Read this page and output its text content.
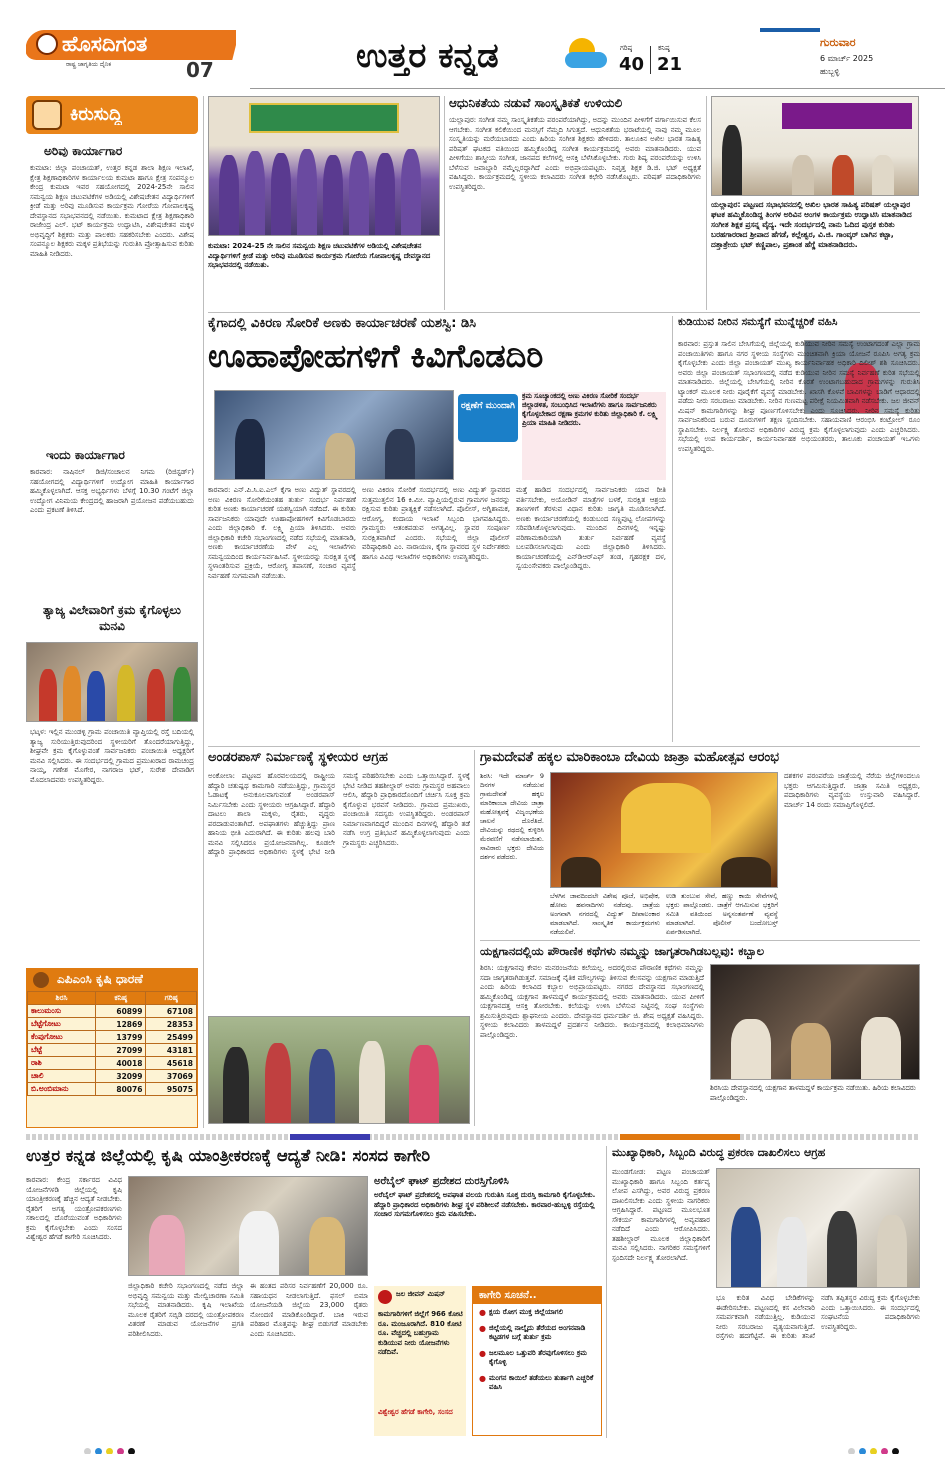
ಹೊಸದಿಗಂತ
ರಾಷ್ಟ್ರ ಜಾಗೃತಿಯ ದೈನಿಕ	07	ಉತ್ತರ ಕನ್ನಡ	ಗರಿಷ್ಠ
40
ಕನಿಷ್ಠ
21
ಗುರುವಾರ
6 ಮಾರ್ಚ್ 2025
ಹುಬ್ಬಳ್ಳಿ
ಕಿರುಸುದ್ದಿ
ಅರಿವು ಕಾರ್ಯಾಗಾರ
ಕುಮಟಾ: ಜಿಲ್ಲಾ ಪಂಚಾಯತ್, ಉತ್ತರ ಕನ್ನಡ ಶಾಲಾ ಶಿಕ್ಷಣ ಇಲಾಖೆ, ಕ್ಷೇತ್ರ ಶಿಕ್ಷಣಾಧಿಕಾರಿಗಳ ಕಾರ್ಯಾಲಯ ಕುಮಟಾ ಹಾಗೂ ಕ್ಷೇತ್ರ ಸಂಪನ್ಮೂಲ ಕೇಂದ್ರ ಕುಮಟಾ ಇವರ ಸಹಯೋಗದಲ್ಲಿ 2024-25ನೇ ಸಾಲಿನ ಸಮನ್ವಯ ಶಿಕ್ಷಣ ಚಟುವಟಿಕೆಗಳ ಅಡಿಯಲ್ಲಿ ವಿಶೇಷಚೇತನ ವಿದ್ಯಾರ್ಥಿಗಳಿಗೆ ಕ್ರೀಡೆ ಮತ್ತು ಅರಿವು ಮೂಡಿಸುವ ಕಾರ್ಯಕ್ರಮ ಗೋರೆಯ ಗೋಪಾಲಕೃಷ್ಣ ದೇವಸ್ಥಾನದ ಸಭಾಭವನದಲ್ಲಿ ನಡೆಯಿತು. ಕುಮಟಾದ ಕ್ಷೇತ್ರ ಶಿಕ್ಷಣಾಧಿಕಾರಿ ರಾಜೇಂದ್ರ ಎಲ್. ಭಟ್ ಕಾರ್ಯಕ್ರಮ ಉದ್ಘಾಟಿಸಿ, ವಿಶೇಷಚೇತನ ಮಕ್ಕಳ ಅಭಿವೃದ್ಧಿಗೆ ಶಿಕ್ಷಕರು ಮತ್ತು ಪಾಲಕರು ಸಹಕರಿಸಬೇಕು ಎಂದರು. ವಿಶೇಷ ಸಂಪನ್ಮೂಲ ಶಿಕ್ಷಕರು ಮಕ್ಕಳ ಪ್ರತಿಭೆಯನ್ನು ಗುರುತಿಸಿ ಪ್ರೋತ್ಸಾಹಿಸುವ ಕುರಿತು ಮಾಹಿತಿ ನೀಡಿದರು.
ಇಂದು ಕಾರ್ಯಾಗಾರ
ಕಾರವಾರ: ನಾಷಿನಲ್ ಡಿಜಿ/ಸಂಚಾಲನ ನಿಗಮ (ರಿಜಿಸ್ಟರ್ಡ್) ಸಹಯೋಗದಲ್ಲಿ ವಿದ್ಯಾರ್ಥಿಗಳಿಗೆ ಉದ್ಯೋಗ ಮಾಹಿತಿ ಕಾರ್ಯಾಗಾರ ಹಮ್ಮಿಕೊಳ್ಳಲಾಗಿದೆ. ಆಸಕ್ತ ಅಭ್ಯರ್ಥಿಗಳು ಬೆಳಗ್ಗೆ 10.30 ಗಂಟೆಗೆ ಜಿಲ್ಲಾ ಉದ್ಯೋಗ ವಿನಿಮಯ ಕೇಂದ್ರದಲ್ಲಿ ಹಾಜರಾಗಿ ಪ್ರಯೋಜನ ಪಡೆಯಬಹುದು ಎಂದು ಪ್ರಕಟಣೆ ತಿಳಿಸಿದೆ.
ತ್ಯಾಜ್ಯ ವಿಲೇವಾರಿಗೆ ಕ್ರಮ ಕೈಗೊಳ್ಳಲು ಮನವಿ
ಭಟ್ಕಳ: ಇಲ್ಲಿನ ಮುಂಡಳ್ಳಿ ಗ್ರಾಮ ಪಂಚಾಯಿತಿ ವ್ಯಾಪ್ತಿಯಲ್ಲಿ ರಸ್ತೆ ಬದಿಯಲ್ಲಿ ತ್ಯಾಜ್ಯ ಸುರಿಯುತ್ತಿರುವುದರಿಂದ ಸ್ಥಳೀಯರಿಗೆ ತೊಂದರೆಯಾಗುತ್ತಿದ್ದು, ಶೀಘ್ರವೇ ಕ್ರಮ ಕೈಗೊಳ್ಳುವಂತೆ ಸಾರ್ವಜನಿಕರು ಪಂಚಾಯಿತಿ ಅಧ್ಯಕ್ಷರಿಗೆ ಮನವಿ ಸಲ್ಲಿಸಿದರು. ಈ ಸಂದರ್ಭದಲ್ಲಿ ಗ್ರಾಮದ ಪ್ರಮುಖರಾದ ರಾಮಚಂದ್ರ ನಾಯ್ಕ, ಗಣೇಶ ಮೊಗೇರ, ನಾಗರಾಜ ಭಟ್, ಸುರೇಶ ದೇವಾಡಿಗ ಮೊದಲಾದವರು ಉಪಸ್ಥಿತರಿದ್ದರು.
ಎಪಿಎಂಸಿ ಕೃಷಿ ಧಾರಣೆ
ಶಿರಸಿ	ಕನಿಷ್ಠ	ಗರಿಷ್ಠ
ಕಾಲುಮಂಸು	60899	67108
ಬೆಟ್ಟೆಗೋಟು	12869	28353
ಕೆಂಪುಗೋಟು	13799	25499
ಬೆಟ್ಟೆ	27099	43181
ರಾಶಿ	40018	45618
ಚಾಲಿ	32099	37069
ಬಿ.ಅಂಬಿಮಾನು	80076	95075
ಕುಮಟಾ: 2024-25 ನೇ ಸಾಲಿನ ಸಮನ್ವಯ ಶಿಕ್ಷಣ ಚಟುವಟಿಕೆಗಳ ಅಡಿಯಲ್ಲಿ ವಿಶೇಷಚೇತನ ವಿದ್ಯಾರ್ಥಿಗಳಿಗೆ ಕ್ರೀಡೆ ಮತ್ತು ಅರಿವು ಮೂಡಿಸುವ ಕಾರ್ಯಕ್ರಮ ಗೋರೆಯ ಗೋಪಾಲಕೃಷ್ಣ ದೇವಸ್ಥಾನದ ಸಭಾಭವನದಲ್ಲಿ ನಡೆಯಿತು.
ಆಧುನಿಕತೆಯ ನಡುವೆ ಸಾಂಸ್ಕೃತಿಕತೆ ಉಳಿಯಲಿ
ಯಲ್ಲಾಪುರ: ಸಂಗೀತ ನಮ್ಮ ಸಾಂಸ್ಕೃತಿಕತೆಯ ಪರಂಪರೆಯಾಗಿದ್ದು, ಅದನ್ನು ಮುಂದಿನ ಪೀಳಿಗೆಗೆ ವರ್ಗಾಯಿಸುವ ಕೆಲಸ ಆಗಬೇಕು. ಸಂಗೀತ ಕಲಿಕೆಯಿಂದ ಮನಸ್ಸಿಗೆ ನೆಮ್ಮದಿ ಸಿಗುತ್ತದೆ. ಆಧುನಿಕತೆಯ ಭರಾಟೆಯಲ್ಲಿ ನಾವು ನಮ್ಮ ಮೂಲ ಸಂಸ್ಕೃತಿಯನ್ನು ಮರೆಯಬಾರದು ಎಂದು ಹಿರಿಯ ಸಂಗೀತ ಶಿಕ್ಷಕರು ಹೇಳಿದರು. ತಾಲೂಕಿನ ಅಖಿಲ ಭಾರತ ಸಾಹಿತ್ಯ ಪರಿಷತ್ ಘಟಕದ ವತಿಯಿಂದ ಹಮ್ಮಿಕೊಂಡಿದ್ದ ಸಂಗೀತ ಕಾರ್ಯಕ್ರಮದಲ್ಲಿ ಅವರು ಮಾತನಾಡಿದರು. ಯುವ ಪೀಳಿಗೆಯು ಶಾಸ್ತ್ರೀಯ ಸಂಗೀತ, ಜಾನಪದ ಕಲೆಗಳಲ್ಲಿ ಆಸಕ್ತಿ ಬೆಳೆಸಿಕೊಳ್ಳಬೇಕು. ಗುರು ಶಿಷ್ಯ ಪರಂಪರೆಯನ್ನು ಉಳಿಸಿ ಬೆಳೆಸುವ ಜವಾಬ್ದಾರಿ ನಮ್ಮೆಲ್ಲರದ್ದಾಗಿದೆ ಎಂದು ಅಭಿಪ್ರಾಯಪಟ್ಟರು. ನಿವೃತ್ತ ಶಿಕ್ಷಕ ಡಿ.ಜಿ. ಭಟ್ ಅಧ್ಯಕ್ಷತೆ ವಹಿಸಿದ್ದರು. ಕಾರ್ಯಕ್ರಮದಲ್ಲಿ ಸ್ಥಳೀಯ ಕಲಾವಿದರು ಸಂಗೀತ ಕಛೇರಿ ನಡೆಸಿಕೊಟ್ಟರು. ಪರಿಷತ್ ಪದಾಧಿಕಾರಿಗಳು ಉಪಸ್ಥಿತರಿದ್ದರು.
ಯಲ್ಲಾಪುರ: ಪಟ್ಟಣದ ಸಭಾಭವನದಲ್ಲಿ ಅಖಿಲ ಭಾರತ ಸಾಹಿತ್ಯ ಪರಿಷತ್ ಯಲ್ಲಾಪುರ ಘಟಕ ಹಮ್ಮಿಕೊಂಡಿದ್ದ ತಿಂಗಳ ಅರಿವಿನ ಅಂಗಳ ಕಾರ್ಯಕ್ರಮ ಉದ್ಘಾಟಿಸಿ ಮಾತನಾಡಿದ ಸಂಗೀತ ಶಿಕ್ಷಕ ಪ್ರಸನ್ನ ವೈದ್ಯ. ಇದೇ ಸಂದರ್ಭದಲ್ಲಿ ನಾನು ಓದಿದ ಪುಸ್ತಕ ಕುರಿತು ಬರಹಗಾರರಾದ ಶ್ರೀಪಾದ ಹೆಗಡೆ, ಕಲ್ಲೇಶ್ವರ, ವಿ.ಜಿ. ಗಾಂವ್ಕರ್ ಬಾಗಿನ ಕಟ್ಟಾ, ದತ್ತಾತ್ರೇಯ ಭಟ್ ಕಣ್ಣಿಪಾಲ, ಪ್ರಶಾಂತ ಹೆಗ್ಡೆ ಮಾತನಾಡಿದರು.
ಕೈಗಾದಲ್ಲಿ ವಿಕಿರಣ ಸೋರಿಕೆ ಅಣಕು ಕಾರ್ಯಾಚರಣೆ ಯಶಸ್ವಿ: ಡಿಸಿ
ಊಹಾಪೋಹಗಳಿಗೆ ಕಿವಿಗೊಡದಿರಿ
ರಕ್ಷಣೆಗೆ ಮುಂದಾಗಿ
ಕ್ರಮ ಸೂಚ್ಯಾಂಕದಲ್ಲಿ ಅಣು ವಿಕಿರಣ ಸೋರಿಕೆ ಸಂದರ್ಭ ಜಿಲ್ಲಾಡಳಿತ, ಸಂಬಂಧಿಸಿದ ಇಲಾಖೆಗಳು ಹಾಗೂ ಸಾರ್ವಜನಿಕರು ಕೈಗೊಳ್ಳಬೇಕಾದ ರಕ್ಷಣಾ ಕ್ರಮಗಳ ಕುರಿತು ಜಿಲ್ಲಾಧಿಕಾರಿ ಕೆ. ಲಕ್ಷ್ಮಿ ಪ್ರಿಯಾ ಮಾಹಿತಿ ನೀಡಿದರು.
ಕಾರವಾರ: ಎನ್.ಪಿ.ಸಿ.ಐ.ಎಲ್ ಕೈಗಾ ಅಣು ವಿದ್ಯುತ್ ಸ್ಥಾವರದಲ್ಲಿ ಅಣು ವಿಕಿರಣ ಸೋರಿಕೆಯಂತಹ ತುರ್ತು ಸಂದರ್ಭ ನಿರ್ವಹಣೆ ಕುರಿತ ಅಣಕು ಕಾರ್ಯಾಚರಣೆ ಯಶಸ್ವಿಯಾಗಿ ನಡೆದಿದೆ. ಈ ಕುರಿತು ಸಾರ್ವಜನಿಕರು ಯಾವುದೇ ಊಹಾಪೋಹಗಳಿಗೆ ಕಿವಿಗೊಡಬಾರದು ಎಂದು ಜಿಲ್ಲಾಧಿಕಾರಿ ಕೆ. ಲಕ್ಷ್ಮಿ ಪ್ರಿಯಾ ತಿಳಿಸಿದರು. ಅವರು ಜಿಲ್ಲಾಧಿಕಾರಿ ಕಚೇರಿ ಸಭಾಂಗಣದಲ್ಲಿ ನಡೆದ ಸಭೆಯಲ್ಲಿ ಮಾತನಾಡಿ, ಅಣಕು ಕಾರ್ಯಾಚರಣೆಯ ವೇಳೆ ಎಲ್ಲ ಇಲಾಖೆಗಳು ಸಮನ್ವಯದಿಂದ ಕಾರ್ಯನಿರ್ವಹಿಸಿವೆ. ಸ್ಥಳೀಯರನ್ನು ಸುರಕ್ಷಿತ ಸ್ಥಳಕ್ಕೆ ಸ್ಥಳಾಂತರಿಸುವ ಪ್ರಕ್ರಿಯೆ, ಆರೋಗ್ಯ ತಪಾಸಣೆ, ಸಂಚಾರ ವ್ಯವಸ್ಥೆ ನಿರ್ವಹಣೆ ಸುಗಮವಾಗಿ ನಡೆಯಿತು.
ಅಣು ವಿಕಿರಣ ಸೋರಿಕೆ ಸಂದರ್ಭದಲ್ಲಿ ಅಣು ವಿದ್ಯುತ್ ಸ್ಥಾವರದ ಸುತ್ತಮುತ್ತಲಿನ 16 ಕಿ.ಮೀ. ವ್ಯಾಪ್ತಿಯಲ್ಲಿರುವ ಗ್ರಾಮಗಳ ಜನರನ್ನು ರಕ್ಷಿಸುವ ಕುರಿತು ಪ್ರಾತ್ಯಕ್ಷಿಕೆ ನಡೆಸಲಾಗಿದೆ. ಪೊಲೀಸ್, ಅಗ್ನಿಶಾಮಕ, ಆರೋಗ್ಯ, ಕಂದಾಯ ಇಲಾಖೆ ಸಿಬ್ಬಂದಿ ಭಾಗವಹಿಸಿದ್ದರು. ಗ್ರಾಮಸ್ಥರು ಆತಂಕಪಡುವ ಅಗತ್ಯವಿಲ್ಲ. ಸ್ಥಾವರ ಸಂಪೂರ್ಣ ಸುರಕ್ಷಿತವಾಗಿದೆ ಎಂದರು. ಸಭೆಯಲ್ಲಿ ಜಿಲ್ಲಾ ಪೊಲೀಸ್ ವರಿಷ್ಠಾಧಿಕಾರಿ ಎಂ. ನಾರಾಯಣ, ಕೈಗಾ ಸ್ಥಾವರದ ಸ್ಥಳ ನಿರ್ದೇಶಕರು ಹಾಗೂ ವಿವಿಧ ಇಲಾಖೆಗಳ ಅಧಿಕಾರಿಗಳು ಉಪಸ್ಥಿತರಿದ್ದರು.
ಮತ್ತೆ ಹಾಡಿದ ಸಂದರ್ಭದಲ್ಲಿ ಸಾರ್ವಜನಿಕರು ಯಾವ ರೀತಿ ವರ್ತಿಸಬೇಕು, ಅಯೋಡಿನ್ ಮಾತ್ರೆಗಳ ಬಳಕೆ, ಸುರಕ್ಷಿತ ಆಶ್ರಯ ತಾಣಗಳಿಗೆ ತೆರಳುವ ವಿಧಾನ ಕುರಿತು ಜಾಗೃತಿ ಮೂಡಿಸಲಾಗಿದೆ. ಅಣಕು ಕಾರ್ಯಾಚರಣೆಯಲ್ಲಿ ಕಂಡುಬಂದ ಸಣ್ಣಪುಟ್ಟ ಲೋಪಗಳನ್ನು ಸರಿಪಡಿಸಿಕೊಳ್ಳಲಾಗುವುದು. ಮುಂದಿನ ದಿನಗಳಲ್ಲಿ ಇನ್ನಷ್ಟು ಪರಿಣಾಮಕಾರಿಯಾಗಿ ತುರ್ತು ನಿರ್ವಹಣೆ ವ್ಯವಸ್ಥೆ ಬಲಪಡಿಸಲಾಗುವುದು ಎಂದು ಜಿಲ್ಲಾಧಿಕಾರಿ ತಿಳಿಸಿದರು. ಕಾರ್ಯಾಚರಣೆಯಲ್ಲಿ ಎನ್‌ಡಿಆರ್‌ಎಫ್ ತಂಡ, ಗೃಹರಕ್ಷಕ ದಳ, ಸ್ವಯಂಸೇವಕರು ಪಾಲ್ಗೊಂಡಿದ್ದರು.
ಕುಡಿಯುವ ನೀರಿನ ಸಮಸ್ಯೆಗೆ ಮುನ್ನೆಚ್ಚರಿಕೆ ವಹಿಸಿ
ಕಾರವಾರ: ಪ್ರಸ್ತುತ ಸಾಲಿನ ಬೇಸಿಗೆಯಲ್ಲಿ ಜಿಲ್ಲೆಯಲ್ಲಿ ಕುಡಿಯುವ ನೀರಿನ ಸಮಸ್ಯೆ ಉಂಟಾಗದಂತೆ ಎಲ್ಲಾ ಗ್ರಾಮ ಪಂಚಾಯಿತಿಗಳು ಹಾಗೂ ನಗರ ಸ್ಥಳೀಯ ಸಂಸ್ಥೆಗಳು ಮುಂಚಿತವಾಗಿ ಕ್ರಿಯಾ ಯೋಜನೆ ರೂಪಿಸಿ ಅಗತ್ಯ ಕ್ರಮ ಕೈಗೊಳ್ಳಬೇಕು ಎಂದು ಜಿಲ್ಲಾ ಪಂಚಾಯತ್ ಮುಖ್ಯ ಕಾರ್ಯನಿರ್ವಾಹಕ ಅಧಿಕಾರಿ ದಿಲೀಶ್ ಶಶಿ ಸೂಚಿಸಿದರು. ಅವರು ಜಿಲ್ಲಾ ಪಂಚಾಯತ್ ಸಭಾಂಗಣದಲ್ಲಿ ನಡೆದ ಕುಡಿಯುವ ನೀರಿನ ಸಮಸ್ಯೆ ನಿರ್ವಹಣೆ ಕುರಿತ ಸಭೆಯಲ್ಲಿ ಮಾತನಾಡಿದರು. ಜಿಲ್ಲೆಯಲ್ಲಿ ಬೇಸಿಗೆಯಲ್ಲಿ ನೀರಿನ ಕೊರತೆ ಉಂಟಾಗಬಹುದಾದ ಗ್ರಾಮಗಳನ್ನು ಗುರುತಿಸಿ ಟ್ಯಾಂಕರ್ ಮೂಲಕ ನೀರು ಪೂರೈಕೆಗೆ ವ್ಯವಸ್ಥೆ ಮಾಡಬೇಕು. ಖಾಸಗಿ ಕೊಳವೆ ಬಾವಿಗಳನ್ನು ಬಾಡಿಗೆ ಆಧಾರದಲ್ಲಿ ಪಡೆದು ನೀರು ಸರಬರಾಜು ಮಾಡಬೇಕು. ನೀರಿನ ಗುಣಮಟ್ಟ ಪರೀಕ್ಷೆ ನಿಯಮಿತವಾಗಿ ನಡೆಸಬೇಕು. ಜಲ ಜೀವನ್ ಮಿಷನ್ ಕಾಮಗಾರಿಗಳನ್ನು ಶೀಘ್ರ ಪೂರ್ಣಗೊಳಿಸಬೇಕು ಎಂದು ಸೂಚಿಸಿದರು. ನೀರಿನ ಸಮಸ್ಯೆ ಕುರಿತು ಸಾರ್ವಜನಿಕರಿಂದ ಬರುವ ದೂರುಗಳಿಗೆ ತಕ್ಷಣ ಸ್ಪಂದಿಸಬೇಕು. ಸಹಾಯವಾಣಿ ಆರಂಭಿಸಿ ಕಂಟ್ರೋಲ್ ರೂಂ ಸ್ಥಾಪಿಸಬೇಕು. ನಿರ್ಲಕ್ಷ್ಯ ತೋರುವ ಅಧಿಕಾರಿಗಳ ವಿರುದ್ಧ ಕ್ರಮ ಕೈಗೊಳ್ಳಲಾಗುವುದು ಎಂದು ಎಚ್ಚರಿಸಿದರು. ಸಭೆಯಲ್ಲಿ ಉಪ ಕಾರ್ಯದರ್ಶಿ, ಕಾರ್ಯನಿರ್ವಾಹಕ ಅಭಿಯಂತರರು, ತಾಲೂಕು ಪಂಚಾಯತ್ ಇಒಗಳು ಉಪಸ್ಥಿತರಿದ್ದರು.
ಅಂಡರಪಾಸ್ ನಿರ್ಮಾಣಕ್ಕೆ ಸ್ಥಳೀಯರ ಆಗ್ರಹ
ಅಂಕೋಲಾ: ಪಟ್ಟಣದ ಹೊರವಲಯದಲ್ಲಿ ರಾಷ್ಟ್ರೀಯ ಹೆದ್ದಾರಿ ಚತುಷ್ಪಥ ಕಾಮಗಾರಿ ನಡೆಯುತ್ತಿದ್ದು, ಗ್ರಾಮಸ್ಥರ ಓಡಾಟಕ್ಕೆ ಅನುಕೂಲವಾಗುವಂತೆ ಅಂಡರಪಾಸ್ ನಿರ್ಮಿಸಬೇಕು ಎಂದು ಸ್ಥಳೀಯರು ಆಗ್ರಹಿಸಿದ್ದಾರೆ. ಹೆದ್ದಾರಿ ದಾಟಲು ಶಾಲಾ ಮಕ್ಕಳು, ರೈತರು, ವೃದ್ಧರು ಪರದಾಡುವಂತಾಗಿದೆ. ಅಪಘಾತಗಳು ಹೆಚ್ಚುತ್ತಿದ್ದು ಪ್ರಾಣ ಹಾನಿಯ ಭೀತಿ ಎದುರಾಗಿದೆ. ಈ ಕುರಿತು ಹಲವು ಬಾರಿ ಮನವಿ ಸಲ್ಲಿಸಿದರೂ ಪ್ರಯೋಜನವಾಗಿಲ್ಲ. ಕೂಡಲೇ ಹೆದ್ದಾರಿ ಪ್ರಾಧಿಕಾರದ ಅಧಿಕಾರಿಗಳು ಸ್ಥಳಕ್ಕೆ ಭೇಟಿ ನೀಡಿ ಸಮಸ್ಯೆ ಪರಿಹರಿಸಬೇಕು ಎಂದು ಒತ್ತಾಯಿಸಿದ್ದಾರೆ. ಸ್ಥಳಕ್ಕೆ ಭೇಟಿ ನೀಡಿದ ತಹಶೀಲ್ದಾರ್ ಅವರು ಗ್ರಾಮಸ್ಥರ ಅಹವಾಲು ಆಲಿಸಿ, ಹೆದ್ದಾರಿ ಪ್ರಾಧಿಕಾರದೊಂದಿಗೆ ಚರ್ಚಿಸಿ ಸೂಕ್ತ ಕ್ರಮ ಕೈಗೊಳ್ಳುವ ಭರವಸೆ ನೀಡಿದರು. ಗ್ರಾಮದ ಪ್ರಮುಖರು, ಪಂಚಾಯಿತಿ ಸದಸ್ಯರು ಉಪಸ್ಥಿತರಿದ್ದರು. ಅಂಡರಪಾಸ್ ನಿರ್ಮಾಣವಾಗದಿದ್ದರೆ ಮುಂದಿನ ದಿನಗಳಲ್ಲಿ ಹೆದ್ದಾರಿ ತಡೆ ನಡೆಸಿ ಉಗ್ರ ಪ್ರತಿಭಟನೆ ಹಮ್ಮಿಕೊಳ್ಳಲಾಗುವುದು ಎಂದು ಗ್ರಾಮಸ್ಥರು ಎಚ್ಚರಿಸಿದರು.
ಗ್ರಾಮದೇವತೆ ಹಕ್ಕಲ ಮಾರಿಕಾಂಬಾ ದೇವಿಯ ಜಾತ್ರಾ ಮಹೋತ್ಸವ ಆರಂಭ
ಶಿರಸಿ: ಇದೇ ಮಾರ್ಚ್ 9 ದಿನಗಳ ನಡೆಯುವ ಗ್ರಾಮದೇವತೆ ಹಕ್ಕಲ ಮಾರಿಕಾಂಬಾ ದೇವಿಯ ಜಾತ್ರಾ ಮಹೋತ್ಸವಕ್ಕೆ ವಿಜೃಂಭಣೆಯ ಚಾಲನೆ ದೊರೆತಿದೆ. ದೇವಿಯನ್ನು ರಥದಲ್ಲಿ ಕುಳ್ಳಿರಿಸಿ ಮೆರವಣಿಗೆ ನಡೆಸಲಾಯಿತು. ಸಾವಿರಾರು ಭಕ್ತರು ದೇವಿಯ ದರ್ಶನ ಪಡೆದರು.
ಬೆಳಗಿನ ಜಾವದಿಂದಲೇ ವಿಶೇಷ ಪೂಜೆ, ಅಭಿಷೇಕ, ಹೋಮ ಹವನಾದಿಗಳು ನಡೆದವು. ಜಾತ್ರೆಯ ಅಂಗವಾಗಿ ನಗರದಲ್ಲಿ ವಿದ್ಯುತ್ ದೀಪಾಲಂಕಾರ ಮಾಡಲಾಗಿದೆ. ಸಾಂಸ್ಕೃತಿಕ ಕಾರ್ಯಕ್ರಮಗಳು ನಡೆಯಲಿವೆ.
ಉಡಿ ತುಂಬುವ ಸೇವೆ, ಹಣ್ಣು ಕಾಯಿ ಸೇವೆಗಳಲ್ಲಿ ಭಕ್ತರು ಪಾಲ್ಗೊಂಡರು. ಜಾತ್ರೆಗೆ ಆಗಮಿಸುವ ಭಕ್ತರಿಗೆ ಸಮಿತಿ ವತಿಯಿಂದ ಅನ್ನಸಂತರ್ಪಣೆ ವ್ಯವಸ್ಥೆ ಮಾಡಲಾಗಿದೆ. ಪೊಲೀಸ್ ಬಂದೋಬಸ್ತ್ ಏರ್ಪಡಿಸಲಾಗಿದೆ.
ದಶಕಗಳ ಪರಂಪರೆಯ ಜಾತ್ರೆಯಲ್ಲಿ ನೆರೆಯ ಜಿಲ್ಲೆಗಳಿಂದಲೂ ಭಕ್ತರು ಆಗಮಿಸುತ್ತಿದ್ದಾರೆ. ಜಾತ್ರಾ ಸಮಿತಿ ಅಧ್ಯಕ್ಷರು, ಪದಾಧಿಕಾರಿಗಳು ವ್ಯವಸ್ಥೆಯ ಉಸ್ತುವಾರಿ ವಹಿಸಿದ್ದಾರೆ. ಮಾರ್ಚ್ 14 ರಂದು ಸಮಾಪ್ತಿಗೊಳ್ಳಲಿದೆ.
ಯಕ್ಷಗಾನದಲ್ಲಿಯ ಪೌರಾಣಿಕ ಕಥೆಗಳು ನಮ್ಮನ್ನು ಜಾಗೃತರಾಗಿಡಬಲ್ಲವು: ಕಬ್ಬಾಲ
ಶಿರಸಿ: ಯಕ್ಷಗಾನವು ಕೇವಲ ಮನರಂಜನೆಯ ಕಲೆಯಲ್ಲ. ಅದರಲ್ಲಿರುವ ಪೌರಾಣಿಕ ಕಥೆಗಳು ನಮ್ಮನ್ನು ಸದಾ ಜಾಗೃತರಾಗಿಡುತ್ತವೆ. ಸಮಾಜಕ್ಕೆ ನೈತಿಕ ಮೌಲ್ಯಗಳನ್ನು ತಿಳಿಸುವ ಕೆಲಸವನ್ನು ಯಕ್ಷಗಾನ ಮಾಡುತ್ತಿದೆ ಎಂದು ಹಿರಿಯ ಕಲಾವಿದ ಕಬ್ಬಾಲ ಅಭಿಪ್ರಾಯಪಟ್ಟರು. ನಗರದ ದೇವಸ್ಥಾನದ ಸಭಾಂಗಣದಲ್ಲಿ ಹಮ್ಮಿಕೊಂಡಿದ್ದ ಯಕ್ಷಗಾನ ತಾಳಮದ್ದಳೆ ಕಾರ್ಯಕ್ರಮದಲ್ಲಿ ಅವರು ಮಾತನಾಡಿದರು. ಯುವ ಪೀಳಿಗೆ ಯಕ್ಷಗಾನದತ್ತ ಆಸಕ್ತಿ ತೋರಬೇಕು. ಕಲೆಯನ್ನು ಉಳಿಸಿ ಬೆಳೆಸುವ ನಿಟ್ಟಿನಲ್ಲಿ ಸಂಘ ಸಂಸ್ಥೆಗಳು ಶ್ರಮಿಸುತ್ತಿರುವುದು ಶ್ಲಾಘನೀಯ ಎಂದರು. ದೇವಸ್ಥಾನದ ಧರ್ಮದರ್ಶಿ ಜಿ. ಶೇಷ ಅಧ್ಯಕ್ಷತೆ ವಹಿಸಿದ್ದರು. ಸ್ಥಳೀಯ ಕಲಾವಿದರು ತಾಳಮದ್ದಳೆ ಪ್ರದರ್ಶನ ನೀಡಿದರು. ಕಾರ್ಯಕ್ರಮದಲ್ಲಿ ಕಲಾಭಿಮಾನಿಗಳು ಪಾಲ್ಗೊಂಡಿದ್ದರು.
ಶಿರಸಿಯ ದೇವಸ್ಥಾನದಲ್ಲಿ ಯಕ್ಷಗಾನ ತಾಳಮದ್ದಳೆ ಕಾರ್ಯಕ್ರಮ ನಡೆಯಿತು. ಹಿರಿಯ ಕಲಾವಿದರು ಪಾಲ್ಗೊಂಡಿದ್ದರು.
ಉತ್ತರ ಕನ್ನಡ ಜಿಲ್ಲೆಯಲ್ಲಿ ಕೃಷಿ ಯಾಂತ್ರೀಕರಣಕ್ಕೆ ಆದ್ಯತೆ ನೀಡಿ: ಸಂಸದ ಕಾಗೇರಿ
ಕಾರವಾರ: ಕೇಂದ್ರ ಸರ್ಕಾರದ ವಿವಿಧ ಯೋಜನೆಗಳಡಿ ಜಿಲ್ಲೆಯಲ್ಲಿ ಕೃಷಿ ಯಾಂತ್ರೀಕರಣಕ್ಕೆ ಹೆಚ್ಚಿನ ಆದ್ಯತೆ ನೀಡಬೇಕು. ರೈತರಿಗೆ ಅಗತ್ಯ ಯಂತ್ರೋಪಕರಣಗಳು ಸಕಾಲದಲ್ಲಿ ದೊರೆಯುವಂತೆ ಅಧಿಕಾರಿಗಳು ಕ್ರಮ ಕೈಗೊಳ್ಳಬೇಕು ಎಂದು ಸಂಸದ ವಿಶ್ವೇಶ್ವರ ಹೆಗಡೆ ಕಾಗೇರಿ ಸೂಚಿಸಿದರು.
ಜಿಲ್ಲಾಧಿಕಾರಿ ಕಚೇರಿ ಸಭಾಂಗಣದಲ್ಲಿ ನಡೆದ ಜಿಲ್ಲಾ ಅಭಿವೃದ್ಧಿ ಸಮನ್ವಯ ಮತ್ತು ಮೇಲ್ವಿಚಾರಣಾ ಸಮಿತಿ ಸಭೆಯಲ್ಲಿ ಮಾತನಾಡಿದರು. ಕೃಷಿ ಇಲಾಖೆಯ ಮೂಲಕ ರೈತರಿಗೆ ಸಬ್ಸಿಡಿ ದರದಲ್ಲಿ ಯಂತ್ರೋಪಕರಣ ವಿತರಣೆ ಮಾಡುವ ಯೋಜನೆಗಳ ಪ್ರಗತಿ ಪರಿಶೀಲಿಸಿದರು.
ಈ ಹಂತದ ಪರಿಸರ ನಿರ್ವಹಣೆಗೆ 20,000 ರೂ. ಸಹಾಯಧನ ನೀಡಲಾಗುತ್ತಿದೆ. ಫಸಲ್ ಬಿಮಾ ಯೋಜನೆಯಡಿ ಜಿಲ್ಲೆಯ 23,000 ರೈತರು ನೋಂದಣಿ ಮಾಡಿಕೊಂಡಿದ್ದಾರೆ. ಬಾಕಿ ಇರುವ ಪರಿಹಾರ ಮೊತ್ತವನ್ನು ಶೀಘ್ರ ಬಿಡುಗಡೆ ಮಾಡಬೇಕು ಎಂದು ಸೂಚಿಸಿದರು.
ಅರೆಬೈಲ್ ಘಾಟ್ ಪ್ರದೇಶದ ದುರಸ್ತಿಗೊಳಿಸಿ
ಅರೆಬೈಲ್ ಘಾಟ್ ಪ್ರದೇಶದಲ್ಲಿ ಅಪಘಾತ ವಲಯ ಗುರುತಿಸಿ ಸೂಕ್ತ ದುರಸ್ತಿ ಕಾಮಗಾರಿ ಕೈಗೊಳ್ಳಬೇಕು. ಹೆದ್ದಾರಿ ಪ್ರಾಧಿಕಾರದ ಅಧಿಕಾರಿಗಳು ಶೀಘ್ರ ಸ್ಥಳ ಪರಿಶೀಲನೆ ನಡೆಸಬೇಕು. ಕಾರವಾರ-ಹುಬ್ಬಳ್ಳಿ ರಸ್ತೆಯಲ್ಲಿ ಸಂಚಾರ ಸುಗಮಗೊಳಿಸಲು ಕ್ರಮ ವಹಿಸಬೇಕು.
ಜಲ ಜೀವನ್ ಮಿಷನ್
ಕಾಮಗಾರಿಗಳಿಗೆ ಜಿಲ್ಲೆಗೆ 966 ಕೋಟಿ ರೂ. ಮಂಜೂರಾಗಿದೆ. 810 ಕೋಟಿ ರೂ. ವೆಚ್ಚದಲ್ಲಿ ಬಹುಗ್ರಾಮ ಕುಡಿಯುವ ನೀರು ಯೋಜನೆಗಳು ನಡೆದಿವೆ.
ವಿಶ್ವೇಶ್ವರ ಹೆಗಡೆ ಕಾಗೇರಿ, ಸಂಸದ
ಕಾಗೇರಿ ಸೂಚನೆ..
● ಕ್ಷಯ ರೋಗ ಮುಕ್ತ ಜಿಲ್ಲೆಯಾಗಲಿ
● ಜಿಲ್ಲೆಯಲ್ಲಿ ನಾಲ್ಕೈದು ತೆರೆಯದ ಅಂಗನವಾಡಿ ಕಟ್ಟಡಗಳ ಬಗ್ಗೆ ತುರ್ತು ಕ್ರಮ
● ಜಲಮೂಲ ಒತ್ತುವರಿ ತೆರವುಗೊಳಿಸಲು ಕ್ರಮ ಕೈಗೊಳ್ಳಿ
● ಮಂಗನ ಕಾಯಿಲೆ ತಡೆಯಲು ತುರ್ತಾಗಿ ಎಚ್ಚರಿಕೆ ವಹಿಸಿ
ಮುಖ್ಯಾಧಿಕಾರಿ, ಸಿಬ್ಬಂದಿ ವಿರುದ್ಧ ಪ್ರಕರಣ ದಾಖಲಿಸಲು ಆಗ್ರಹ
ಮುಂಡಗೋಡ: ಪಟ್ಟಣ ಪಂಚಾಯತ್ ಮುಖ್ಯಾಧಿಕಾರಿ ಹಾಗೂ ಸಿಬ್ಬಂದಿ ಕರ್ತವ್ಯ ಲೋಪ ಎಸಗಿದ್ದು, ಅವರ ವಿರುದ್ಧ ಪ್ರಕರಣ ದಾಖಲಿಸಬೇಕು ಎಂದು ಸ್ಥಳೀಯ ನಾಗರಿಕರು ಆಗ್ರಹಿಸಿದ್ದಾರೆ. ಪಟ್ಟಣದ ಮೂಲಭೂತ ಸೌಕರ್ಯ ಕಾಮಗಾರಿಗಳಲ್ಲಿ ಅವ್ಯವಹಾರ ನಡೆದಿದೆ ಎಂದು ಆರೋಪಿಸಿದರು. ತಹಶೀಲ್ದಾರ್ ಮೂಲಕ ಜಿಲ್ಲಾಧಿಕಾರಿಗೆ ಮನವಿ ಸಲ್ಲಿಸಿದರು. ನಾಗರಿಕರ ಸಮಸ್ಯೆಗಳಿಗೆ ಸ್ಪಂದಿಸದೇ ನಿರ್ಲಕ್ಷ್ಯ ತೋರಲಾಗಿದೆ.
ಭೂ ಕುರಿತ ವಿವಿಧ ಬೇಡಿಕೆಗಳನ್ನು ಈಡೇರಿಸಬೇಕು. ಪಟ್ಟಣದಲ್ಲಿ ಕಸ ವಿಲೇವಾರಿ ಸಮರ್ಪಕವಾಗಿ ನಡೆಯುತ್ತಿಲ್ಲ. ಕುಡಿಯುವ ನೀರು ಸರಬರಾಜು ವ್ಯತ್ಯಯವಾಗುತ್ತಿದೆ. ರಸ್ತೆಗಳು ಹದಗೆಟ್ಟಿವೆ. ಈ ಕುರಿತು ತನಿಖೆ ನಡೆಸಿ ತಪ್ಪಿತಸ್ಥರ ವಿರುದ್ಧ ಕ್ರಮ ಕೈಗೊಳ್ಳಬೇಕು ಎಂದು ಒತ್ತಾಯಿಸಿದರು. ಈ ಸಂದರ್ಭದಲ್ಲಿ ಸಂಘಟನೆಯ ಪದಾಧಿಕಾರಿಗಳು ಉಪಸ್ಥಿತರಿದ್ದರು.
